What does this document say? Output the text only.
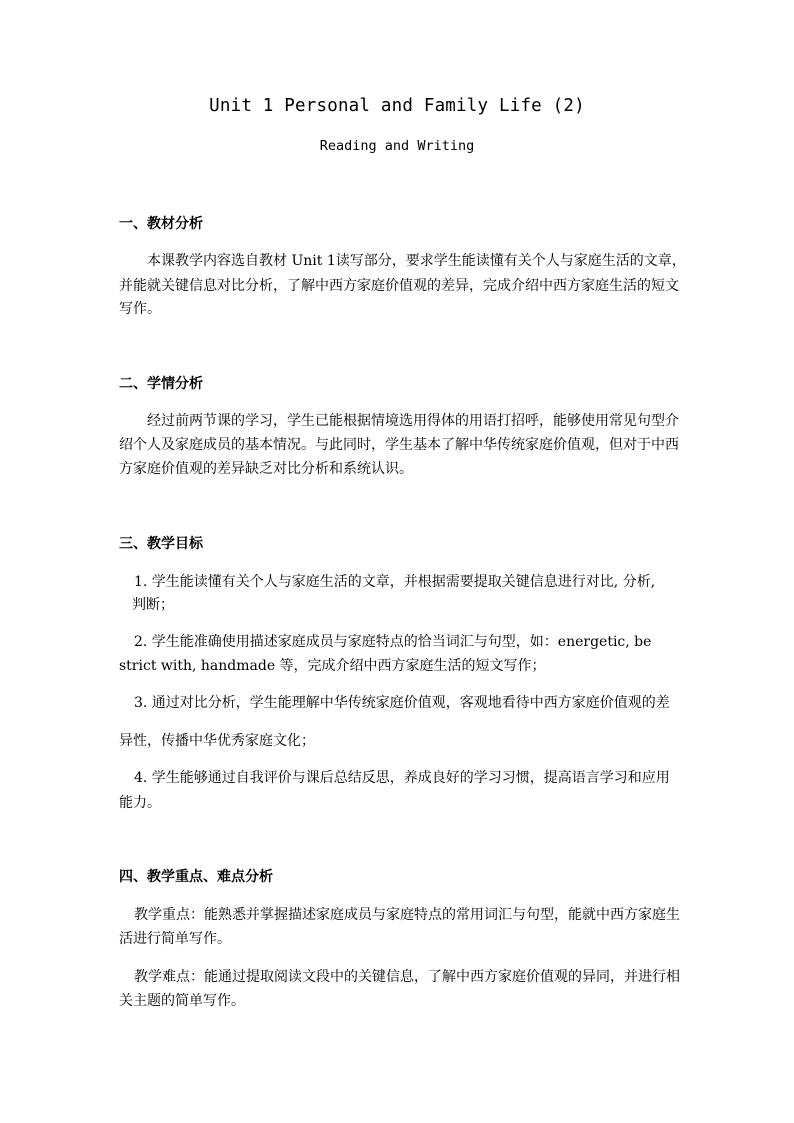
Unit 1 Personal and Family Life (2)
Reading and Writing
一、教材分析
本课教学内容选自教材 Unit 1读写部分，要求学生能读懂有关个人与家庭生活的文章，
并能就关键信息对比分析，了解中西方家庭价值观的差异，完成介绍中西方家庭生活的短文
写作。
二、学情分析
经过前两节课的学习，学生已能根据情境选用得体的用语打招呼，能够使用常见句型介
绍个人及家庭成员的基本情况。与此同时，学生基本了解中华传统家庭价值观，但对于中西
方家庭价值观的差异缺乏对比分析和系统认识。
三、教学目标
1. 学生能读懂有关个人与家庭生活的文章，并根据需要提取关键信息进行对比, 分析,
判断；
2. 学生能准确使用描述家庭成员与家庭特点的恰当词汇与句型，如：energetic, be
strict with, handmade 等，完成介绍中西方家庭生活的短文写作；
3. 通过对比分析，学生能理解中华传统家庭价值观，客观地看待中西方家庭价值观的差
异性，传播中华优秀家庭文化；
4. 学生能够通过自我评价与课后总结反思，养成良好的学习习惯，提高语言学习和应用
能力。
四、教学重点、难点分析
教学重点：能熟悉并掌握描述家庭成员与家庭特点的常用词汇与句型，能就中西方家庭生
活进行简单写作。
教学难点：能通过提取阅读文段中的关键信息，了解中西方家庭价值观的异同，并进行相
关主题的简单写作。
